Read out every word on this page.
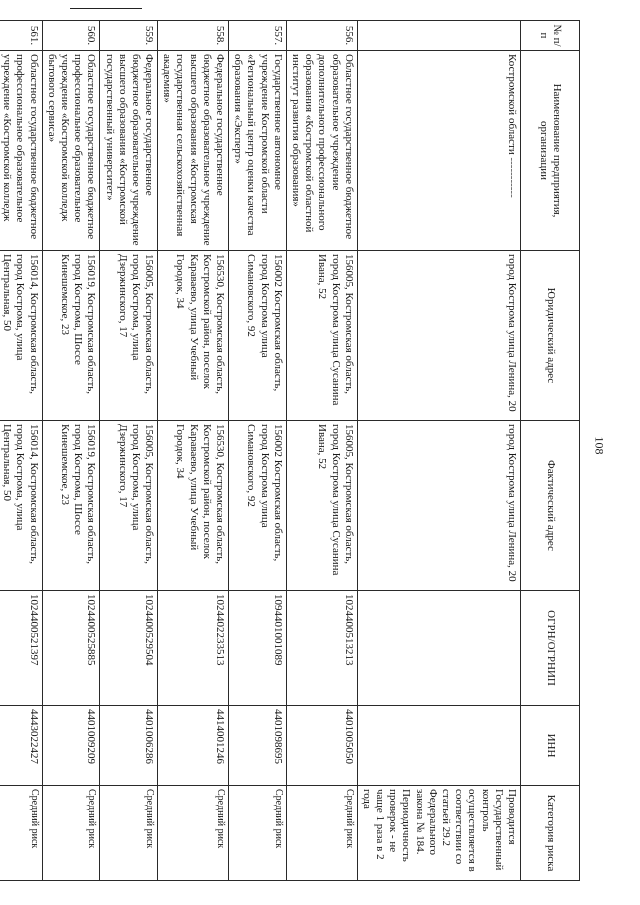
108
№ п/п	Наименование предприятия, организации	Юридический адрес	Фактический адрес	ОГРН/ОГРНИП	ИНН	Категория риска
	Костромской области -----------	город Кострома улица Ленина, 20	город Кострома улица Ленина, 20			Проводится Государственный контроль осуществляется в соответствии со статьей 29.2 Федерального закона № 184. Периодичность проверок - не чаще 1 раза в 2 года
556.	Областное государственное бюджетное образовательное учреждение дополнительного профессионального образования «Костромской областной институт развития образования»	156005, Костромская область, город Кострома улица Сусанина Ивана, 52	156005, Костромская область, город Кострома улица Сусанина Ивана, 52	1024400513213	4401005050	Средний риск
557.	Государственное автономное учреждение Костромской области «Региональный центр оценки качества образования «Эксперт»	156002 Костромская область, город Кострома улица Симановского, 92	156002 Костромская область, город Кострома улица Симановского, 92	1094401001089	4401098695	Средний риск
558.	Федеральное государственное бюджетное образовательное учреждение высшего образования «Костромская государственная сельскохозяйственная академия»	156530, Костромская область, Костромской район, поселок Караваево, улица Учебный Городок, 34	156530, Костромская область, Костромской район, поселок Караваево, улица Учебный Городок, 34	1024402233513	4414001246	Средний риск
559.	Федеральное государственное бюджетное образовательное учреждение высшего образования «Костромской государственный университет»	156005, Костромская область, город Кострома, улица Дзержинского, 17	156005, Костромская область, город Кострома, улица Дзержинского, 17	1024400529504	4401006286	Средний риск
560.	Областное государственное бюджетное профессиональное образовательное учреждение «Костромской колледж бытового сервиса»	156019, Костромская область, город Кострома, Шоссе Кинешемское, 23	156019, Костромская область, город Кострома, Шоссе Кинешемское, 23	1024400525885	4401009209	Средний риск
561.	Областное государственное бюджетное профессиональное образовательное учреждение «Костромской колледж	156014, Костромская область, город Кострома, улица Центральная, 50	156014, Костромская область, город Кострома, улица Центральная, 50	1024400521397	4443022427	Средний риск
